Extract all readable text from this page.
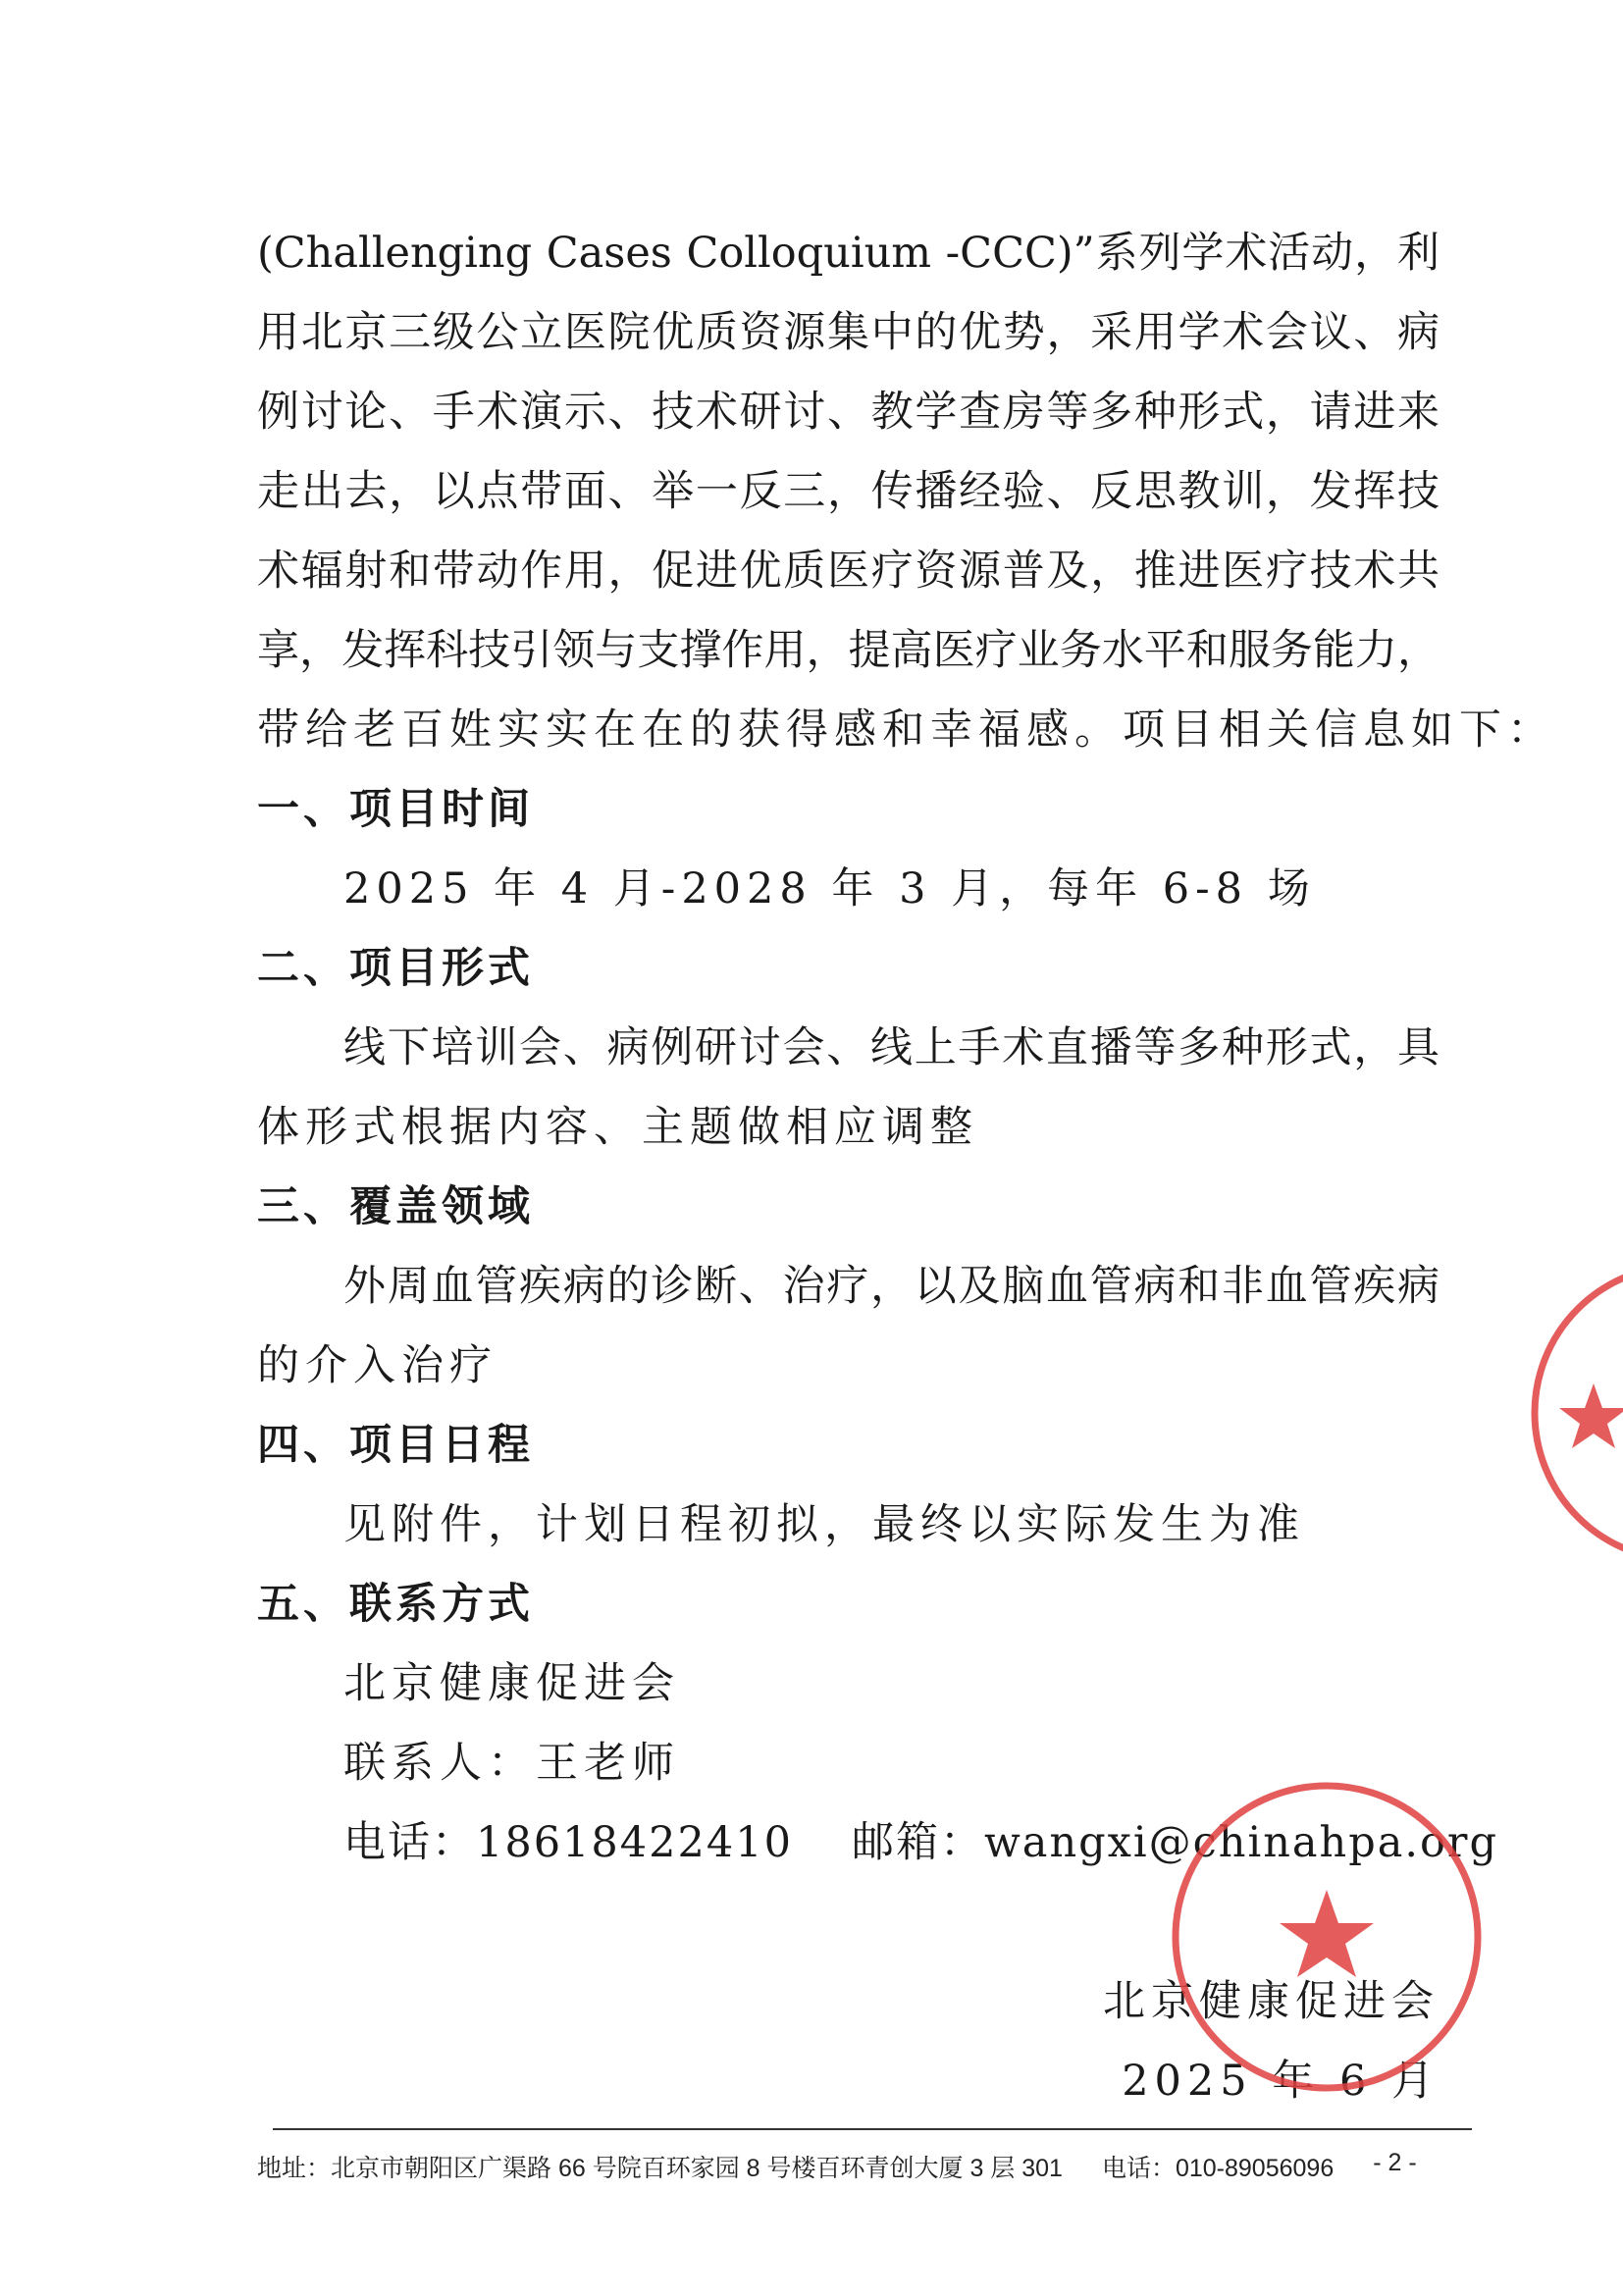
(Challenging Cases Colloquium -CCC)”系列学术活动，利
用北京三级公立医院优质资源集中的优势，采用学术会议、病
例讨论、手术演示、技术研讨、教学查房等多种形式，请进来
走出去，以点带面、举一反三，传播经验、反思教训，发挥技
术辐射和带动作用，促进优质医疗资源普及，推进医疗技术共
享，发挥科技引领与支撑作用，提高医疗业务水平和服务能力，
带给老百姓实实在在的获得感和幸福感。项目相关信息如下：
一、项目时间
2025 年 4 月-2028 年 3 月，每年 6-8 场
二、项目形式
线下培训会、病例研讨会、线上手术直播等多种形式，具
体形式根据内容、主题做相应调整
三、覆盖领域
外周血管疾病的诊断、治疗，以及脑血管病和非血管疾病
的介入治疗
四、项目日程
见附件，计划日程初拟，最终以实际发生为准
五、联系方式
北京健康促进会
联系人：王老师
电话：18618422410 邮箱：wangxi@chinahpa.org
北京健康促进会
2025 年 6 月
地址：北京市朝阳区广渠路 66 号院百环家园 8 号楼百环青创大厦 3 层 301 电话：010-89056096 - 2 -
